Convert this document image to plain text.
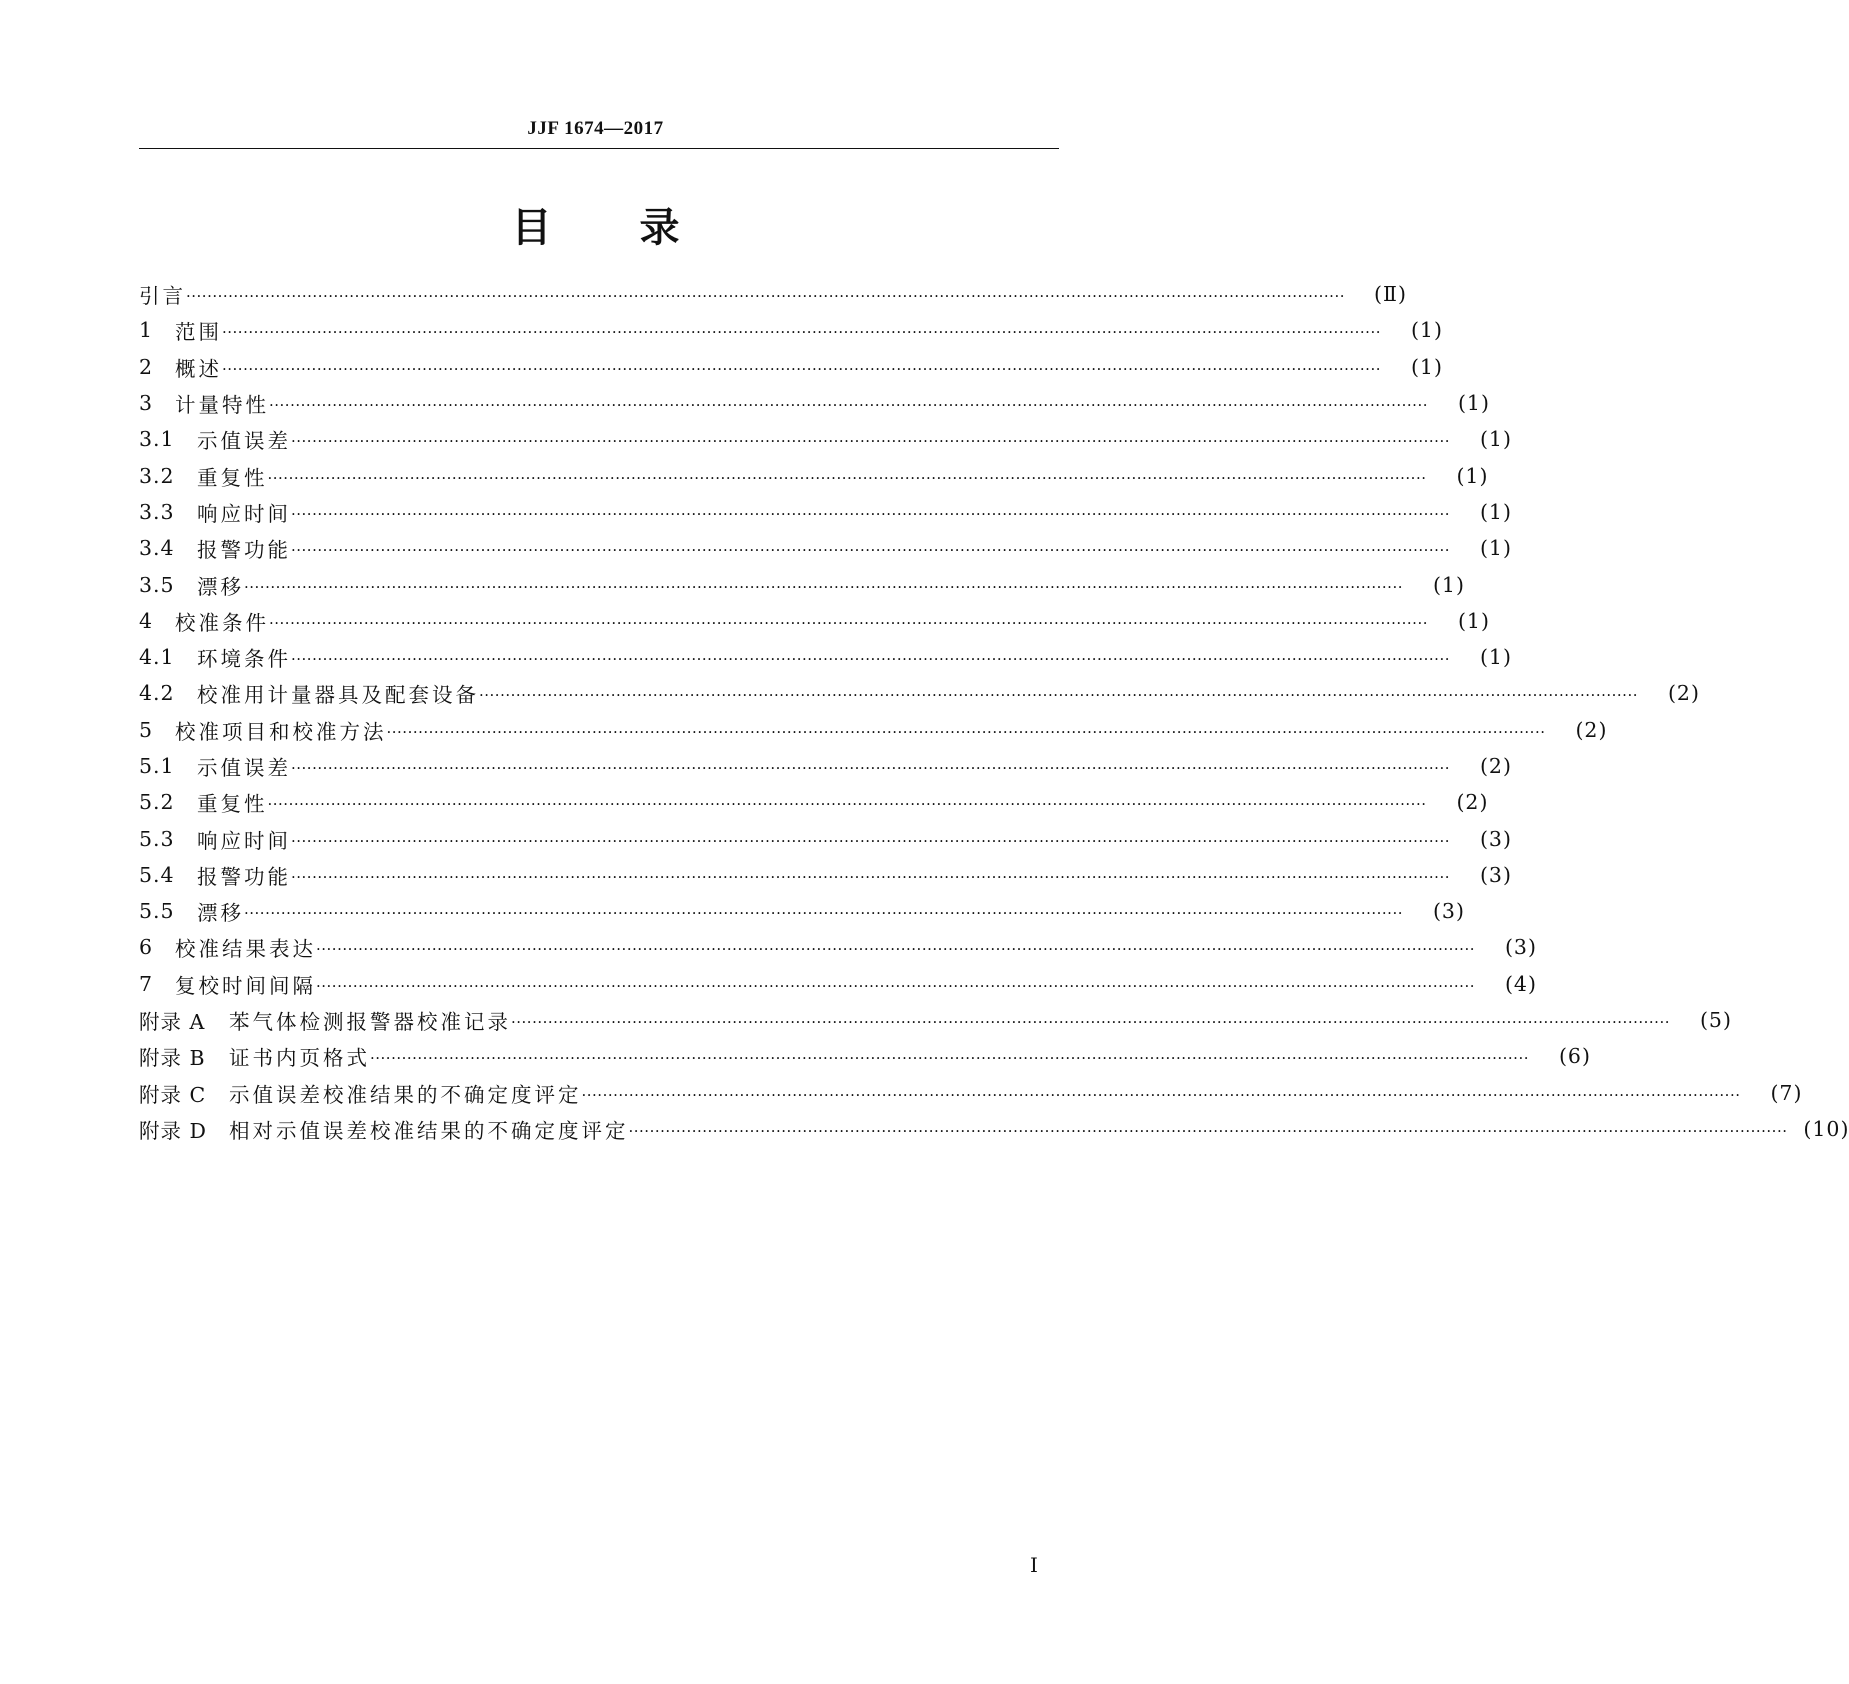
JJF 1674—2017
目 录
引言 ····························································································································································································································	(Ⅱ)
1	范围 ····························································································································································································································	(1)
2	概述 ····························································································································································································································	(1)
3	计量特性 ····························································································································································································································	(1)
3.1	示值误差 ····························································································································································································································	(1)
3.2	重复性 ····························································································································································································································	(1)
3.3	响应时间 ····························································································································································································································	(1)
3.4	报警功能 ····························································································································································································································	(1)
3.5	漂移 ····························································································································································································································	(1)
4	校准条件 ····························································································································································································································	(1)
4.1	环境条件 ····························································································································································································································	(1)
4.2	校准用计量器具及配套设备 ····························································································································································································································	(2)
5	校准项目和校准方法 ····························································································································································································································	(2)
5.1	示值误差 ····························································································································································································································	(2)
5.2	重复性 ····························································································································································································································	(2)
5.3	响应时间 ····························································································································································································································	(3)
5.4	报警功能 ····························································································································································································································	(3)
5.5	漂移 ····························································································································································································································	(3)
6	校准结果表达 ····························································································································································································································	(3)
7	复校时间间隔 ····························································································································································································································	(4)
附录 A	苯气体检测报警器校准记录 ····························································································································································································································	(5)
附录 B	证书内页格式 ····························································································································································································································	(6)
附录 C	示值误差校准结果的不确定度评定 ····························································································································································································································	(7)
附录 D	相对示值误差校准结果的不确定度评定 ···························································································································································································································· (10)
Ⅰ
